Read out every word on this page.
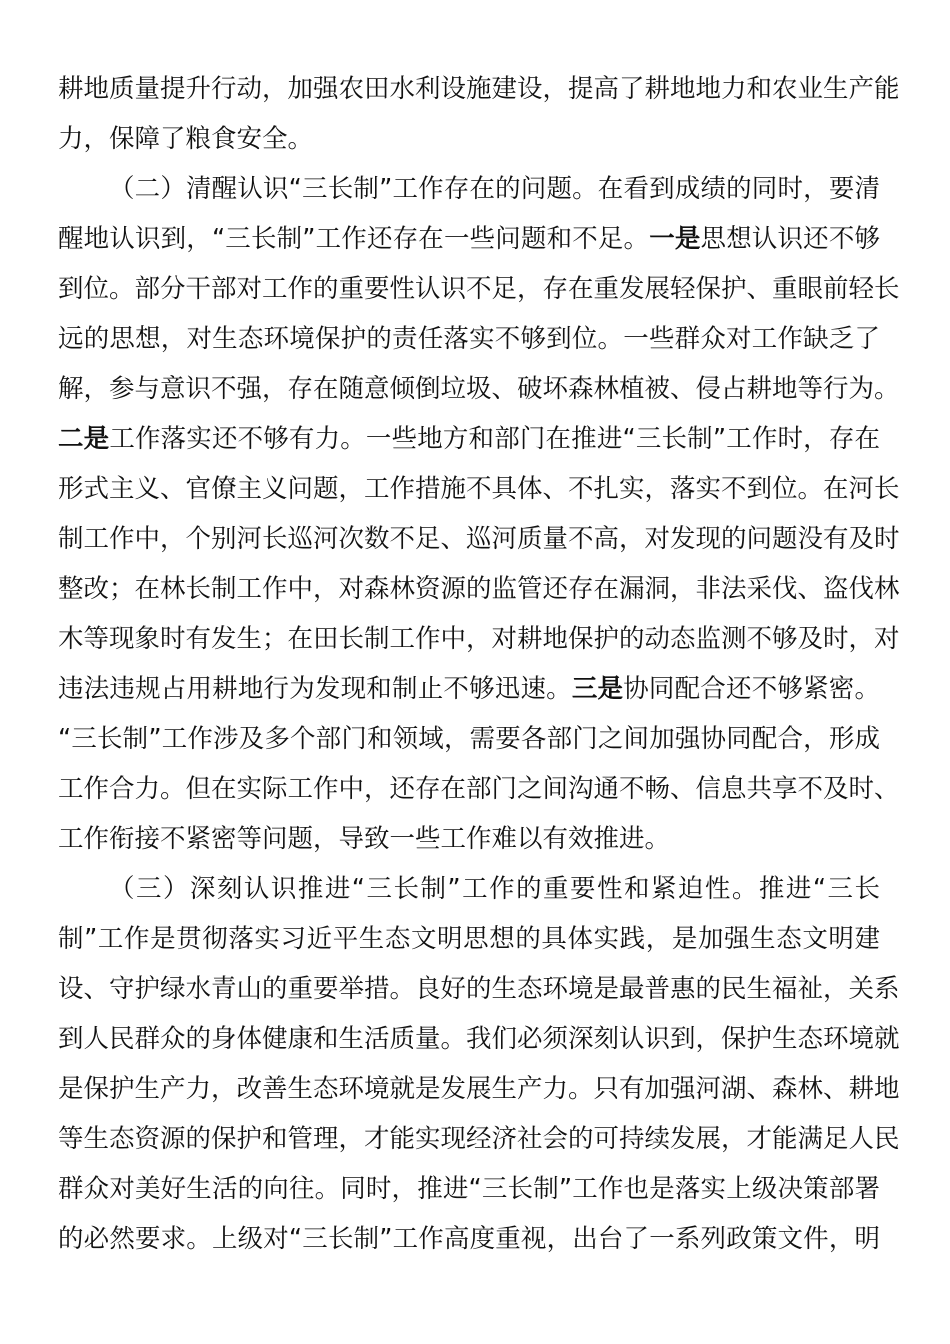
耕地质量提升行动，加强农田水利设施建设，提高了耕地地力和农业生产能
力，保障了粮食安全。
（二）清醒认识“三长制”工作存在的问题。在看到成绩的同时，要清
醒地认识到，“三长制”工作还存在一些问题和不足。一是思想认识还不够
到位。部分干部对工作的重要性认识不足，存在重发展轻保护、重眼前轻长
远的思想，对生态环境保护的责任落实不够到位。一些群众对工作缺乏了
解，参与意识不强，存在随意倾倒垃圾、破坏森林植被、侵占耕地等行为。
二是工作落实还不够有力。一些地方和部门在推进“三长制”工作时，存在
形式主义、官僚主义问题，工作措施不具体、不扎实，落实不到位。在河长
制工作中，个别河长巡河次数不足、巡河质量不高，对发现的问题没有及时
整改；在林长制工作中，对森林资源的监管还存在漏洞，非法采伐、盗伐林
木等现象时有发生；在田长制工作中，对耕地保护的动态监测不够及时，对
违法违规占用耕地行为发现和制止不够迅速。三是协同配合还不够紧密。
“三长制”工作涉及多个部门和领域，需要各部门之间加强协同配合，形成
工作合力。但在实际工作中，还存在部门之间沟通不畅、信息共享不及时、
工作衔接不紧密等问题，导致一些工作难以有效推进。
（三）深刻认识推进“三长制”工作的重要性和紧迫性。推进“三长
制”工作是贯彻落实习近平生态文明思想的具体实践，是加强生态文明建
设、守护绿水青山的重要举措。良好的生态环境是最普惠的民生福祉，关系
到人民群众的身体健康和生活质量。我们必须深刻认识到，保护生态环境就
是保护生产力，改善生态环境就是发展生产力。只有加强河湖、森林、耕地
等生态资源的保护和管理，才能实现经济社会的可持续发展，才能满足人民
群众对美好生活的向往。同时，推进“三长制”工作也是落实上级决策部署
的必然要求。上级对“三长制”工作高度重视，出台了一系列政策文件，明
